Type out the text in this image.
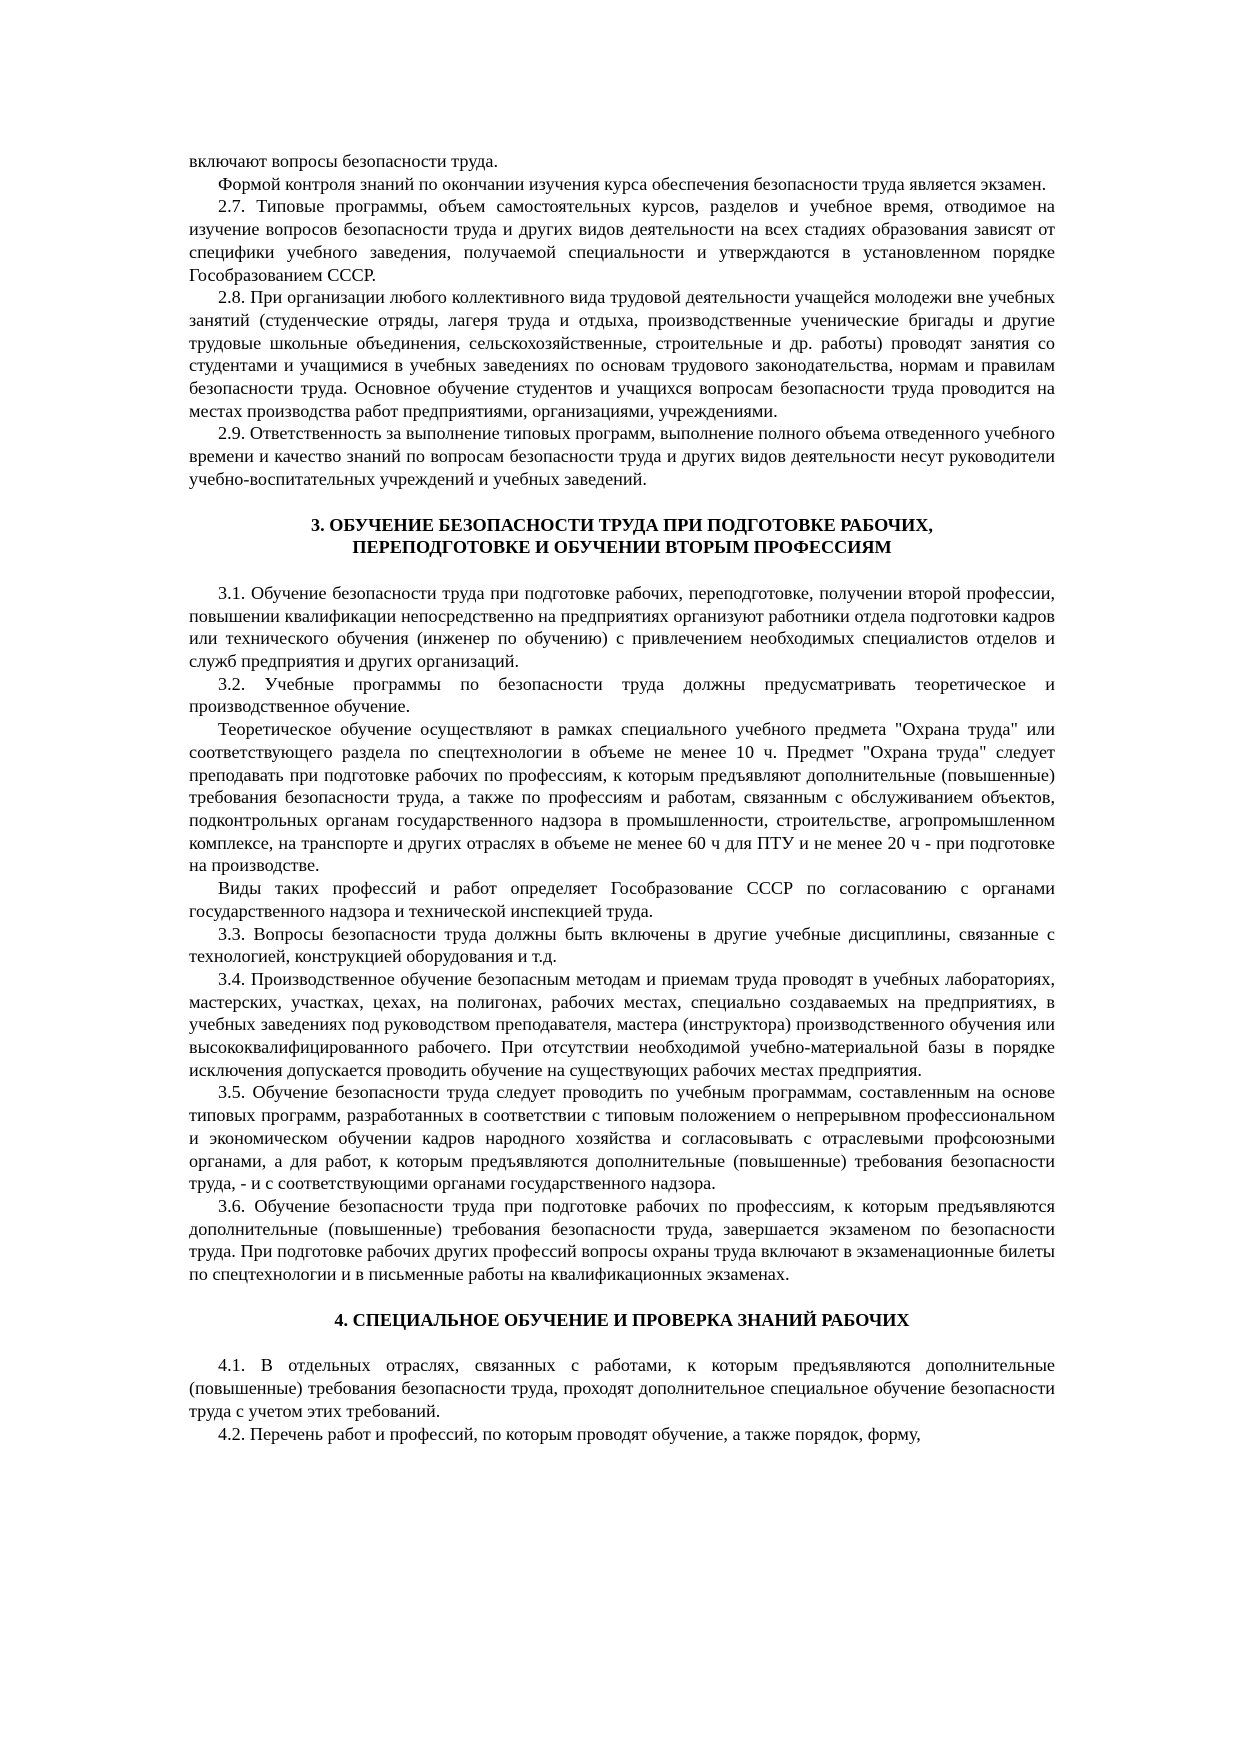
включают вопросы безопасности труда.

Формой контроля знаний по окончании изучения курса обеспечения безопасности труда является экзамен.

2.7. Типовые программы, объем самостоятельных курсов, разделов и учебное время, отводимое на изучение вопросов безопасности труда и других видов деятельности на всех стадиях образования зависят от специфики учебного заведения, получаемой специальности и утверждаются в установленном порядке Гособразованием СССР.

2.8. При организации любого коллективного вида трудовой деятельности учащейся молодежи вне учебных занятий (студенческие отряды, лагеря труда и отдыха, производственные ученические бригады и другие трудовые школьные объединения, сельскохозяйственные, строительные и др. работы) проводят занятия со студентами и учащимися в учебных заведениях по основам трудового законодательства, нормам и правилам безопасности труда. Основное обучение студентов и учащихся вопросам безопасности труда проводится на местах производства работ предприятиями, организациями, учреждениями.

2.9. Ответственность за выполнение типовых программ, выполнение полного объема отведенного учебного времени и качество знаний по вопросам безопасности труда и других видов деятельности несут руководители учебно-воспитательных учреждений и учебных заведений.

3. ОБУЧЕНИЕ БЕЗОПАСНОСТИ ТРУДА ПРИ ПОДГОТОВКЕ РАБОЧИХ,
ПЕРЕПОДГОТОВКЕ И ОБУЧЕНИИ ВТОРЫМ ПРОФЕССИЯМ

3.1. Обучение безопасности труда при подготовке рабочих, переподготовке, получении второй профессии, повышении квалификации непосредственно на предприятиях организуют работники отдела подготовки кадров или технического обучения (инженер по обучению) с привлечением необходимых специалистов отделов и служб предприятия и других организаций.

3.2. Учебные программы по безопасности труда должны предусматривать теоретическое и производственное обучение.

Теоретическое обучение осуществляют в рамках специального учебного предмета "Охрана труда" или соответствующего раздела по спецтехнологии в объеме не менее 10 ч. Предмет "Охрана труда" следует преподавать при подготовке рабочих по профессиям, к которым предъявляют дополнительные (повышенные) требования безопасности труда, а также по профессиям и работам, связанным с обслуживанием объектов, подконтрольных органам государственного надзора в промышленности, строительстве, агропромышленном комплексе, на транспорте и других отраслях в объеме не менее 60 ч для ПТУ и не менее 20 ч - при подготовке на производстве.

Виды таких профессий и работ определяет Гособразование СССР по согласованию с органами государственного надзора и технической инспекцией труда.

3.3. Вопросы безопасности труда должны быть включены в другие учебные дисциплины, связанные с технологией, конструкцией оборудования и т.д.

3.4. Производственное обучение безопасным методам и приемам труда проводят в учебных лабораториях, мастерских, участках, цехах, на полигонах, рабочих местах, специально создаваемых на предприятиях, в учебных заведениях под руководством преподавателя, мастера (инструктора) производственного обучения или высококвалифицированного рабочего. При отсутствии необходимой учебно-материальной базы в порядке исключения допускается проводить обучение на существующих рабочих местах предприятия.

3.5. Обучение безопасности труда следует проводить по учебным программам, составленным на основе типовых программ, разработанных в соответствии с типовым положением о непрерывном профессиональном и экономическом обучении кадров народного хозяйства и согласовывать с отраслевыми профсоюзными органами, а для работ, к которым предъявляются дополнительные (повышенные) требования безопасности труда, - и с соответствующими органами государственного надзора.

3.6. Обучение безопасности труда при подготовке рабочих по профессиям, к которым предъявляются дополнительные (повышенные) требования безопасности труда, завершается экзаменом по безопасности труда. При подготовке рабочих других профессий вопросы охраны труда включают в экзаменационные билеты по спецтехнологии и в письменные работы на квалификационных экзаменах.

4. СПЕЦИАЛЬНОЕ ОБУЧЕНИЕ И ПРОВЕРКА ЗНАНИЙ РАБОЧИХ

4.1. В отдельных отраслях, связанных с работами, к которым предъявляются дополнительные (повышенные) требования безопасности труда, проходят дополнительное специальное обучение безопасности труда с учетом этих требований.

4.2. Перечень работ и профессий, по которым проводят обучение, а также порядок, форму,
